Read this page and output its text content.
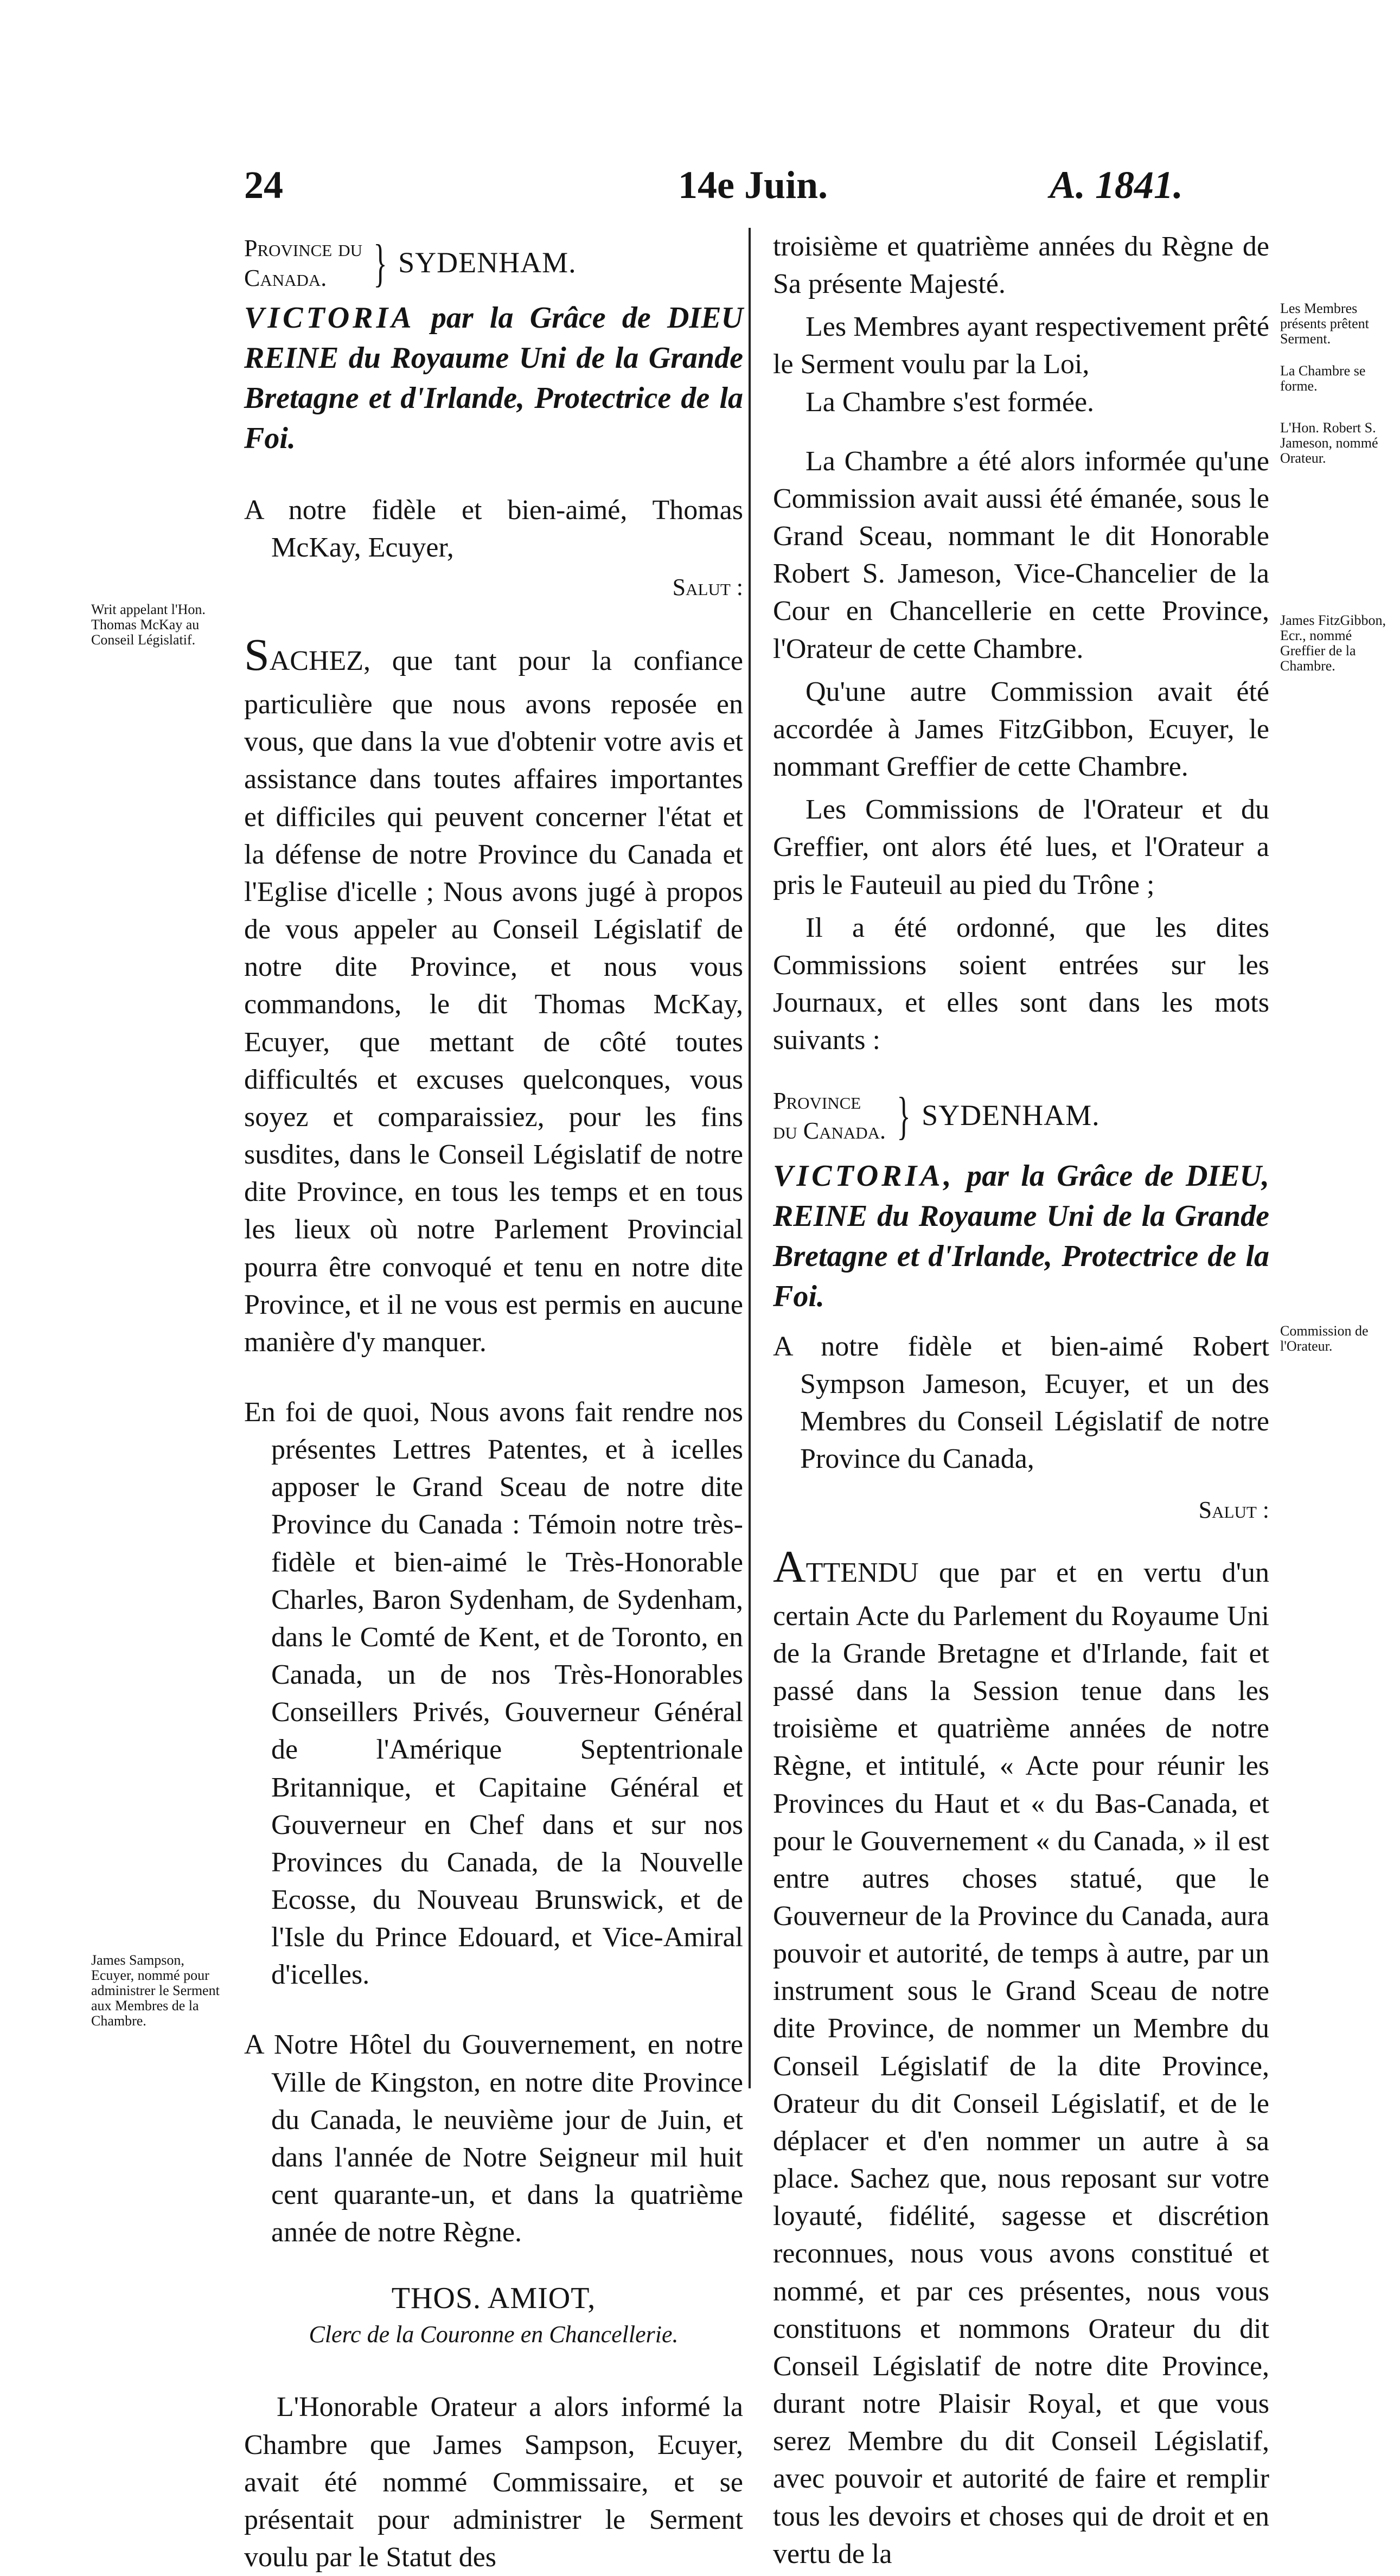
24	14e Juin.	A. 1841.
Province du
Canada. } SYDENHAM.

VICTORIA par la Grâce de DIEU REINE du Royaume Uni de la Grande Bretagne et d'Irlande, Protectrice de la Foi.

A notre fidèle et bien-aimé, Thomas McKay, Ecuyer,

Salut :

SACHEZ, que tant pour la confiance particulière que nous avons reposée en vous, que dans la vue d'obtenir votre avis et assistance dans toutes affaires importantes et difficiles qui peuvent concerner l'état et la défense de notre Province du Canada et l'Eglise d'icelle ; Nous avons jugé à propos de vous appeler au Conseil Législatif de notre dite Province, et nous vous commandons, le dit Thomas McKay, Ecuyer, que mettant de côté toutes difficultés et excuses quelconques, vous soyez et comparaissiez, pour les fins susdites, dans le Conseil Législatif de notre dite Province, en tous les temps et en tous les lieux où notre Parlement Provincial pourra être convoqué et tenu en notre dite Province, et il ne vous est permis en aucune manière d'y manquer.

En foi de quoi, Nous avons fait rendre nos présentes Lettres Patentes, et à icelles apposer le Grand Sceau de notre dite Province du Canada : Témoin notre très-fidèle et bien-aimé le Très-Honorable Charles, Baron Sydenham, de Sydenham, dans le Comté de Kent, et de Toronto, en Canada, un de nos Très-Honorables Conseillers Privés, Gouverneur Général de l'Amérique Septentrionale Britannique, et Capitaine Général et Gouverneur en Chef dans et sur nos Provinces du Canada, de la Nouvelle Ecosse, du Nouveau Brunswick, et de l'Isle du Prince Edouard, et Vice-Amiral d'icelles.

A Notre Hôtel du Gouvernement, en notre Ville de Kingston, en notre dite Province du Canada, le neuvième jour de Juin, et dans l'année de Notre Seigneur mil huit cent quarante-un, et dans la quatrième année de notre Règne.

THOS. AMIOT,

Clerc de la Couronne en Chancellerie.

L'Honorable Orateur a alors informé la Chambre que James Sampson, Ecuyer, avait été nommé Commissaire, et se présentait pour administrer le Serment voulu par le Statut des

troisième et quatrième années du Règne de Sa présente Majesté.

Les Membres ayant respectivement prêté le Serment voulu par la Loi,

La Chambre s'est formée.

La Chambre a été alors informée qu'une Commission avait aussi été émanée, sous le Grand Sceau, nommant le dit Honorable Robert S. Jameson, Vice-Chancelier de la Cour en Chancellerie en cette Province, l'Orateur de cette Chambre.

Qu'une autre Commission avait été accordée à James FitzGibbon, Ecuyer, le nommant Greffier de cette Chambre.

Les Commissions de l'Orateur et du Greffier, ont alors été lues, et l'Orateur a pris le Fauteuil au pied du Trône ;

Il a été ordonné, que les dites Commissions soient entrées sur les Journaux, et elles sont dans les mots suivants :

Province
du Canada. } SYDENHAM.

VICTORIA, par la Grâce de DIEU, REINE du Royaume Uni de la Grande Bretagne et d'Irlande, Protectrice de la Foi.

A notre fidèle et bien-aimé Robert Sympson Jameson, Ecuyer, et un des Membres du Conseil Législatif de notre Province du Canada,

Salut :

ATTENDU que par et en vertu d'un certain Acte du Parlement du Royaume Uni de la Grande Bretagne et d'Irlande, fait et passé dans la Session tenue dans les troisième et quatrième années de notre Règne, et intitulé, « Acte pour réunir les Provinces du Haut et « du Bas-Canada, et pour le Gouvernement « du Canada, » il est entre autres choses statué, que le Gouverneur de la Province du Canada, aura pouvoir et autorité, de temps à autre, par un instrument sous le Grand Sceau de notre dite Province, de nommer un Membre du Conseil Législatif de la dite Province, Orateur du dit Conseil Législatif, et de le déplacer et d'en nommer un autre à sa place. Sachez que, nous reposant sur votre loyauté, fidélité, sagesse et discrétion reconnues, nous vous avons constitué et nommé, et par ces présentes, nous vous constituons et nommons Orateur du dit Conseil Législatif de notre dite Province, durant notre Plaisir Royal, et que vous serez Membre du dit Conseil Législatif, avec pouvoir et autorité de faire et remplir tous les devoirs et choses qui de droit et en vertu de la

Writ appelant l'Hon. Thomas McKay au Conseil Législatif.
James Sampson, Ecuyer, nommé pour administrer le Serment aux Membres de la Chambre.
Les Membres présents prêtent Serment.
La Chambre se forme.
L'Hon. Robert S. Jameson, nommé Orateur.
James FitzGibbon, Ecr., nommé Greffier de la Chambre.
Commission de l'Orateur.
